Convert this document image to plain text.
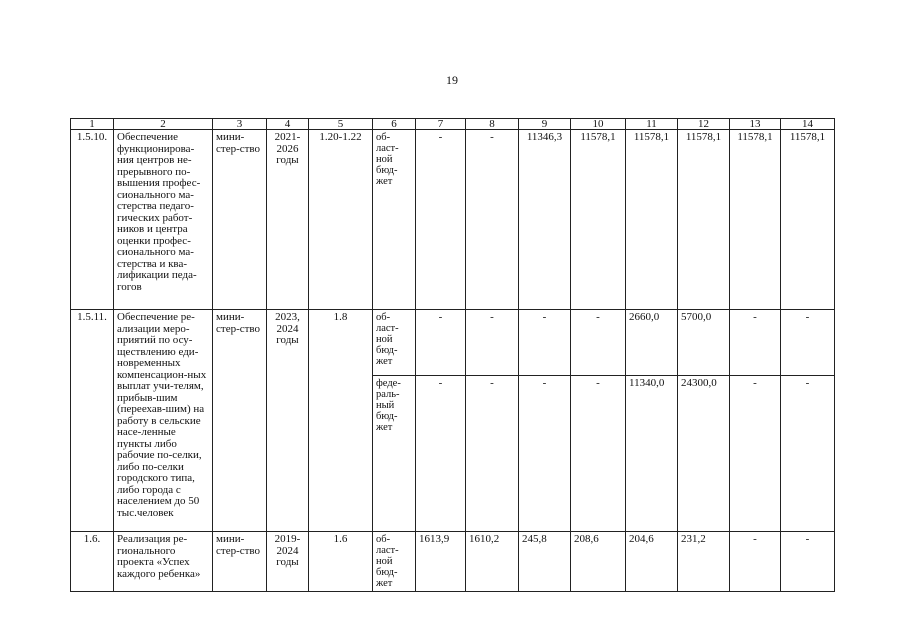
19
1	2	3	4	5	6	7	8	9	10	11	12	13	14
1.5.10.	Обеспечение функционирова-ния центров не-прерывного по-вышения профес-сионального ма-стерства педаго-гических работ-ников и центра оценки профес-сионального ма-стерства и ква-лификации педа-гогов	мини-стер-ство	2021-2026 годы	1.20-1.22	об-ласт-ной бюд-жет	-	-	11346,3	11578,1	11578,1	11578,1	11578,1	11578,1
1.5.11.	Обеспечение ре-ализации меро-приятий по осу-ществлению еди-новременных компенсацион-ных выплат учи-телям, прибыв-шим (переехав-шим) на работу в сельские насе-ленные пункты либо рабочие по-селки, либо по-селки городского типа, либо города с населением до 50 тыс.человек	мини-стер-ство	2023, 2024 годы	1.8	об-ласт-ной бюд-жет	-	-	-	-	2660,0	5700,0	-	-
					феде-раль-ный бюд-жет	-	-	-	-	11340,0	24300,0	-	-
1.6.	Реализация ре-гионального проекта «Успех каждого ребенка»	мини-стер-ство	2019-2024 годы	1.6	об-ласт-ной бюд-жет	1613,9	1610,2	245,8	208,6	204,6	231,2	-	-
